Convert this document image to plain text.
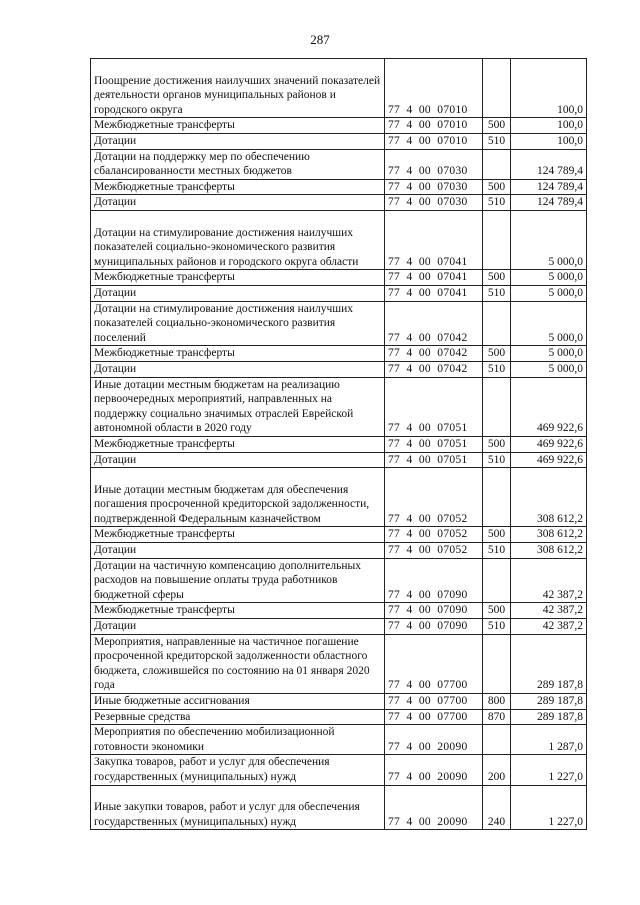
287
Поощрение достижения наилучших значений показателей деятельности органов муниципальных районов и городского округа	77  4  00  07010		100,0
Межбюджетные трансферты	77  4  00  07010	500	100,0
Дотации	77  4  00  07010	510	100,0
Дотации на поддержку мер по обеспечению сбалансированности местных бюджетов	77  4  00  07030		124 789,4
Межбюджетные трансферты	77  4  00  07030	500	124 789,4
Дотации	77  4  00  07030	510	124 789,4
Дотации на стимулирование достижения наилучших показателей социально-экономического развития муниципальных районов и городского округа области	77  4  00  07041		5 000,0
Межбюджетные трансферты	77  4  00  07041	500	5 000,0
Дотации	77  4  00  07041	510	5 000,0
Дотации на стимулирование достижения наилучших показателей социально-экономического развития поселений	77  4  00  07042		5 000,0
Межбюджетные трансферты	77  4  00  07042	500	5 000,0
Дотации	77  4  00  07042	510	5 000,0
Иные дотации местным бюджетам на реализацию первоочередных мероприятий, направленных на поддержку социально значимых отраслей Еврейской автономной области в 2020 году	77  4  00  07051		469 922,6
Межбюджетные трансферты	77  4  00  07051	500	469 922,6
Дотации	77  4  00  07051	510	469 922,6
Иные дотации местным бюджетам для обеспечения погашения просроченной кредиторской задолженности, подтвержденной Федеральным казначейством	77  4  00  07052		308 612,2
Межбюджетные трансферты	77  4  00  07052	500	308 612,2
Дотации	77  4  00  07052	510	308 612,2
Дотации на частичную компенсацию дополнительных расходов на повышение оплаты труда работников бюджетной сферы	77  4  00  07090		42 387,2
Межбюджетные трансферты	77  4  00  07090	500	42 387,2
Дотации	77  4  00  07090	510	42 387,2
Мероприятия, направленные на частичное погашение просроченной кредиторской задолженности областного бюджета, сложившейся по состоянию на 01 января 2020 года	77  4  00  07700		289 187,8
Иные бюджетные ассигнования	77  4  00  07700	800	289 187,8
Резервные средства	77  4  00  07700	870	289 187,8
Мероприятия по обеспечению мобилизационной готовности экономики	77  4  00  20090		1 287,0
Закупка товаров, работ и услуг для обеспечения государственных (муниципальных) нужд	77  4  00  20090	200	1 227,0
Иные закупки товаров, работ и услуг для обеспечения государственных (муниципальных) нужд	77  4  00  20090	240	1 227,0
